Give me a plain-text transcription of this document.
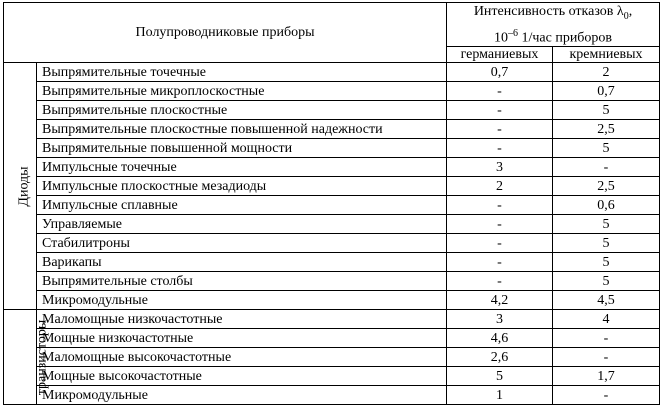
Полупроводниковые приборы		Интенсивность отказов $\lambda_0$,
$10^{-6}$ 1/час приборов	
		германиевых	кремниевых
Диоды	Выпрямительные точечные	0,7	2
	Выпрямительные микроплоскостные	-	0,7
	Выпрямительные плоскостные	-	5
	Выпрямительные плоскостные повышенной надежности	-	2,5
	Выпрямительные повышенной мощности	-	5
	Импульсные точечные	3	-
	Импульсные плоскостные мезадиоды	2	2,5
	Импульсные сплавные	-	0,6
	Управляемые	-	5
	Стабилитроны	-	5
	Варикапы	-	5
	Выпрямительные столбы	-	5
	Микромодульные	4,2	4,5
транзисторы	Маломощные низкочастотные	3	4
	Мощные низкочастотные	4,6	-
	Маломощные высокочастотные	2,6	-
	Мощные высокочастотные	5	1,7
	Микромодульные	1	-
